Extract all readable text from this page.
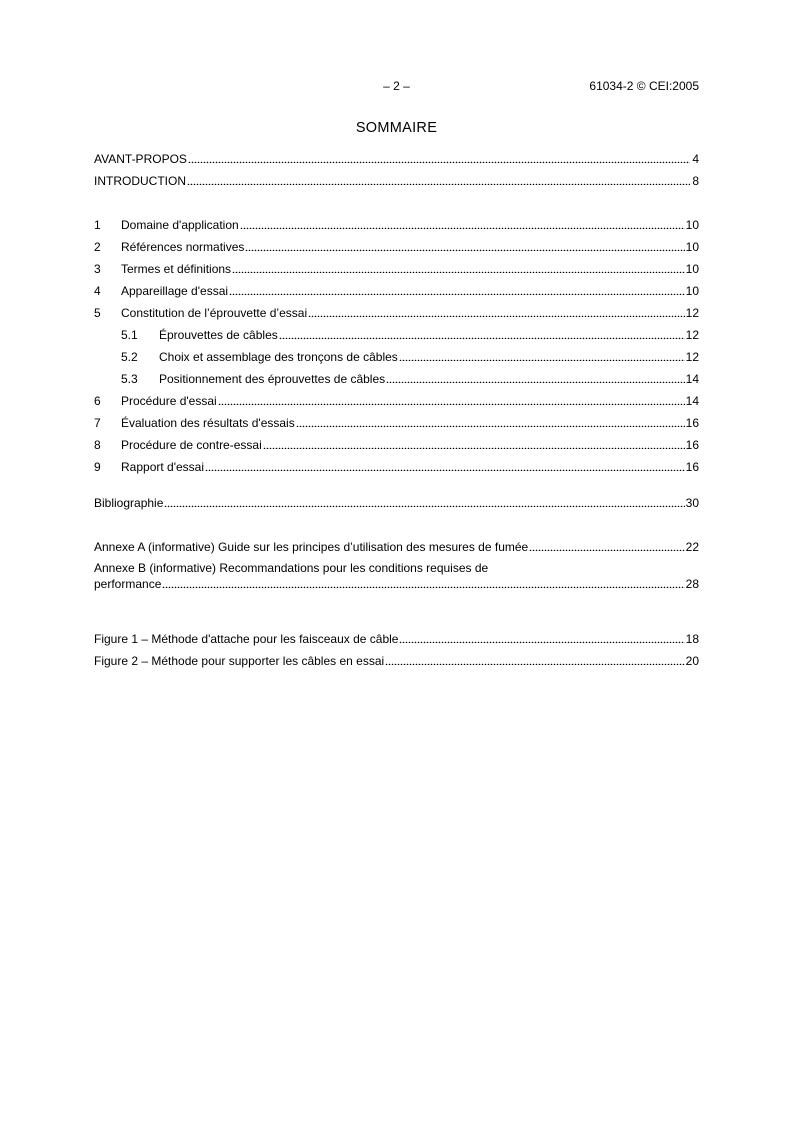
– 2 –	61034-2 © CEI:2005
SOMMAIRE
AVANT-PROPOS	4
INTRODUCTION	8
1	Domaine d'application	10
2	Références normatives	10
3	Termes et définitions	10
4	Appareillage d'essai	10
5	Constitution de l’éprouvette d’essai	12
5.1	Éprouvettes de câbles	12
5.2	Choix et assemblage des tronçons de câbles	12
5.3	Positionnement des éprouvettes de câbles	14
6	Procédure d'essai	14
7	Évaluation des résultats d'essais	16
8	Procédure de contre-essai	16
9	Rapport d'essai	16
Bibliographie	30
Annexe A (informative) Guide sur les principes d’utilisation des mesures de fumée	22
Annexe B (informative) Recommandations pour les conditions requises de
performance	28
Figure 1 – Méthode d'attache pour les faisceaux de câble	18
Figure 2 – Méthode pour supporter les câbles en essai	20
